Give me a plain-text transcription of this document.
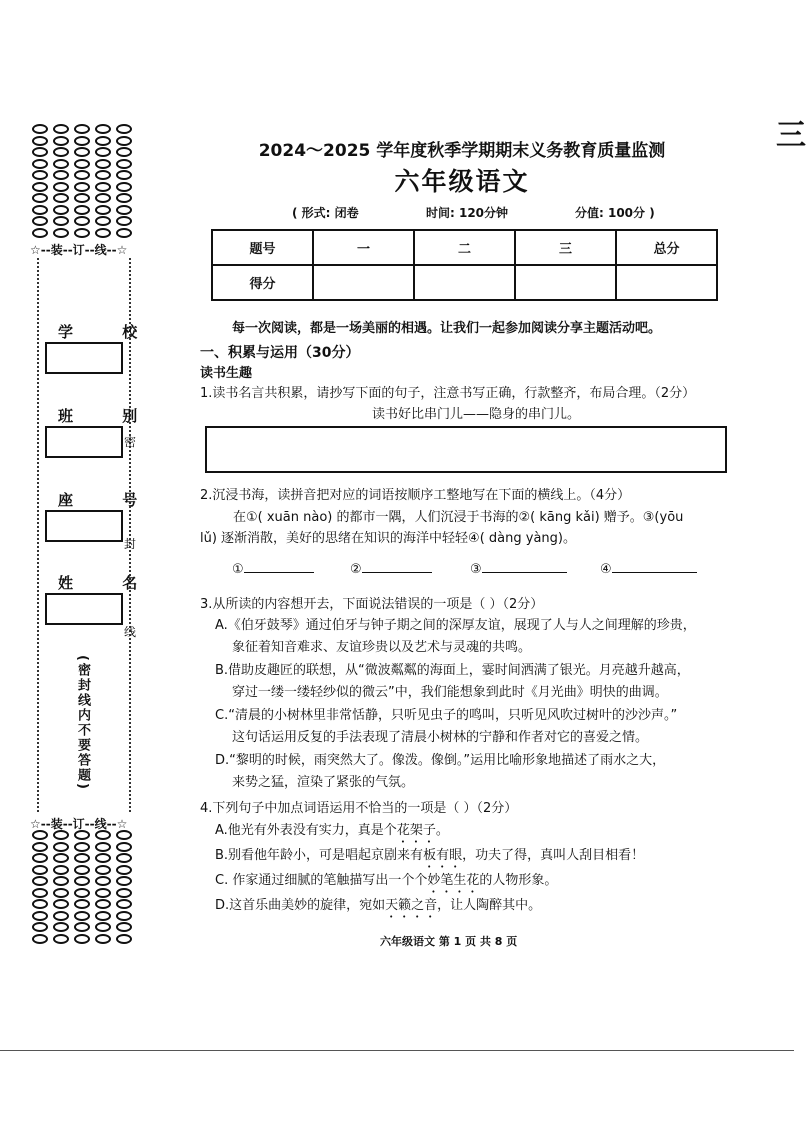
三
☆--装--订--线--☆
学 校
班 别
座 号
姓 名
密
封
线
(密封线内不要答题)
☆--装--订--线--☆
2024～2025 学年度秋季学期期末义务教育质量监测
六年级语文
( 形式: 闭卷	时间: 120分钟	分值: 100分 )
题号	一	二	三	总分
得分				
每一次阅读，都是一场美丽的相遇。让我们一起参加阅读分享主题活动吧。
一、积累与运用（30分）
读书生趣
1.读书名言共积累，请抄写下面的句子，注意书写正确，行款整齐，布局合理。（2分）
读书好比串门儿——隐身的串门儿。
2.沉浸书海，读拼音把对应的词语按顺序工整地写在下面的横线上。（4分）
在①( xuān nào) 的都市一隅，人们沉浸于书海的②( kāng kǎi) 赠予。③(yōu
lǔ) 逐渐消散，美好的思绪在知识的海洋中轻轻④( dàng yàng)。
①	②	③	④
3.从所读的内容想开去，下面说法错误的一项是（ ）（2分）
A.《伯牙鼓琴》通过伯牙与钟子期之间的深厚友谊，展现了人与人之间理解的珍贵，
象征着知音难求、友谊珍贵以及艺术与灵魂的共鸣。
B.借助皮趣匠的联想，从“微波粼粼的海面上，霎时间洒满了银光。月亮越升越高，
穿过一缕一缕轻纱似的微云”中，我们能想象到此时《月光曲》明快的曲调。
C.“清晨的小树林里非常恬静，只听见虫子的鸣叫，只听见风吹过树叶的沙沙声。”
这句话运用反复的手法表现了清晨小树林的宁静和作者对它的喜爱之情。
D.“黎明的时候，雨突然大了。像泼。像倒。”运用比喻形象地描述了雨水之大，
来势之猛，渲染了紧张的气氛。
4.下列句子中加点词语运用不恰当的一项是（ ）（2分）
A.他光有外表没有实力，真是个花架子。
B.别看他年龄小，可是唱起京剧来有板有眼，功夫了得，真叫人刮目相看！
C. 作家通过细腻的笔触描写出一个个妙笔生花的人物形象。
D.这首乐曲美妙的旋律，宛如天籁之音，让人陶醉其中。
六年级语文 第 1 页 共 8 页
